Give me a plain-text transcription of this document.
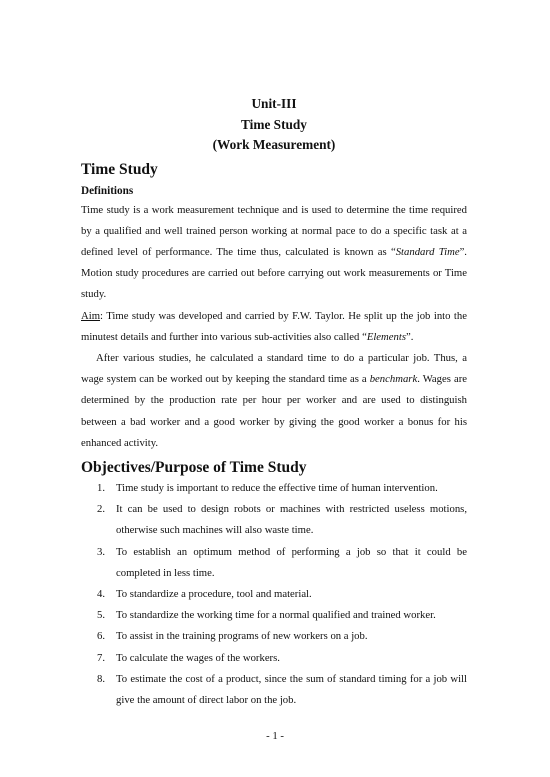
Unit-III
Time Study
(Work Measurement)
Time Study
Definitions

Time study is a work measurement technique and is used to determine the time required by a qualified and well trained person working at normal pace to do a specific task at a defined level of performance. The time thus, calculated is known as “Standard Time”. Motion study procedures are carried out before carrying out work measurements or Time study.

Aim: Time study was developed and carried by F.W. Taylor. He split up the job into the minutest details and further into various sub-activities also called “Elements”.

After various studies, he calculated a standard time to do a particular job. Thus, a wage system can be worked out by keeping the standard time as a benchmark. Wages are determined by the production rate per hour per worker and are used to distinguish between a bad worker and a good worker by giving the good worker a bonus for his enhanced activity.

Objectives/Purpose of Time Study
1. Time study is important to reduce the effective time of human intervention.
2. It can be used to design robots or machines with restricted useless motions, otherwise such machines will also waste time.
3. To establish an optimum method of performing a job so that it could be completed in less time.
4. To standardize a procedure, tool and material.
5. To standardize the working time for a normal qualified and trained worker.
6. To assist in the training programs of new workers on a job.
7. To calculate the wages of the workers.
8. To estimate the cost of a product, since the sum of standard timing for a job will give the amount of direct labor on the job.
- 1 -
